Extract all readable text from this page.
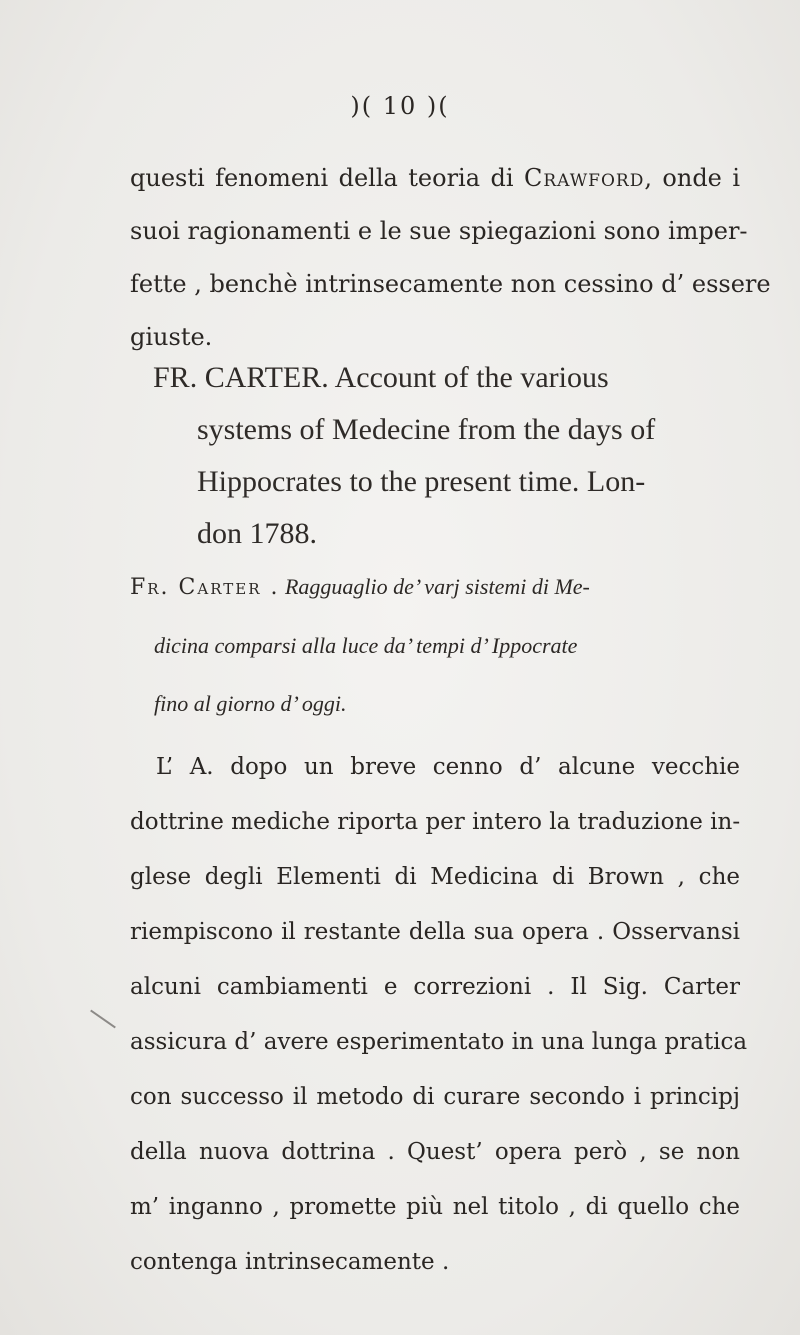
)( 10 )(
questi fenomeni della teoria di Crawford, onde i
suoi ragionamenti e le sue spiegazioni sono imper-
fette , benchè intrinsecamente non cessino d’ essere
giuste.
FR. CARTER. Account of the various
systems of Medecine from the days of
Hippocrates to the present time. Lon-
don 1788.
Fr. Carter . Ragguaglio de’ varj sistemi di Me-
dicina comparsi alla luce da’ tempi d’ Ippocrate
fino al giorno d’ oggi.
L’ A. dopo un breve cenno d’ alcune vecchie
dottrine mediche riporta per intero la traduzione in-
glese degli Elementi di Medicina di Brown , che
riempiscono il restante della sua opera . Osservansi
alcuni cambiamenti e correzioni . Il Sig. Carter
assicura d’ avere esperimentato in una lunga pratica
con successo il metodo di curare secondo i principj
della nuova dottrina . Quest’ opera però , se non
m’ inganno , promette più nel titolo , di quello che
contenga intrinsecamente .
